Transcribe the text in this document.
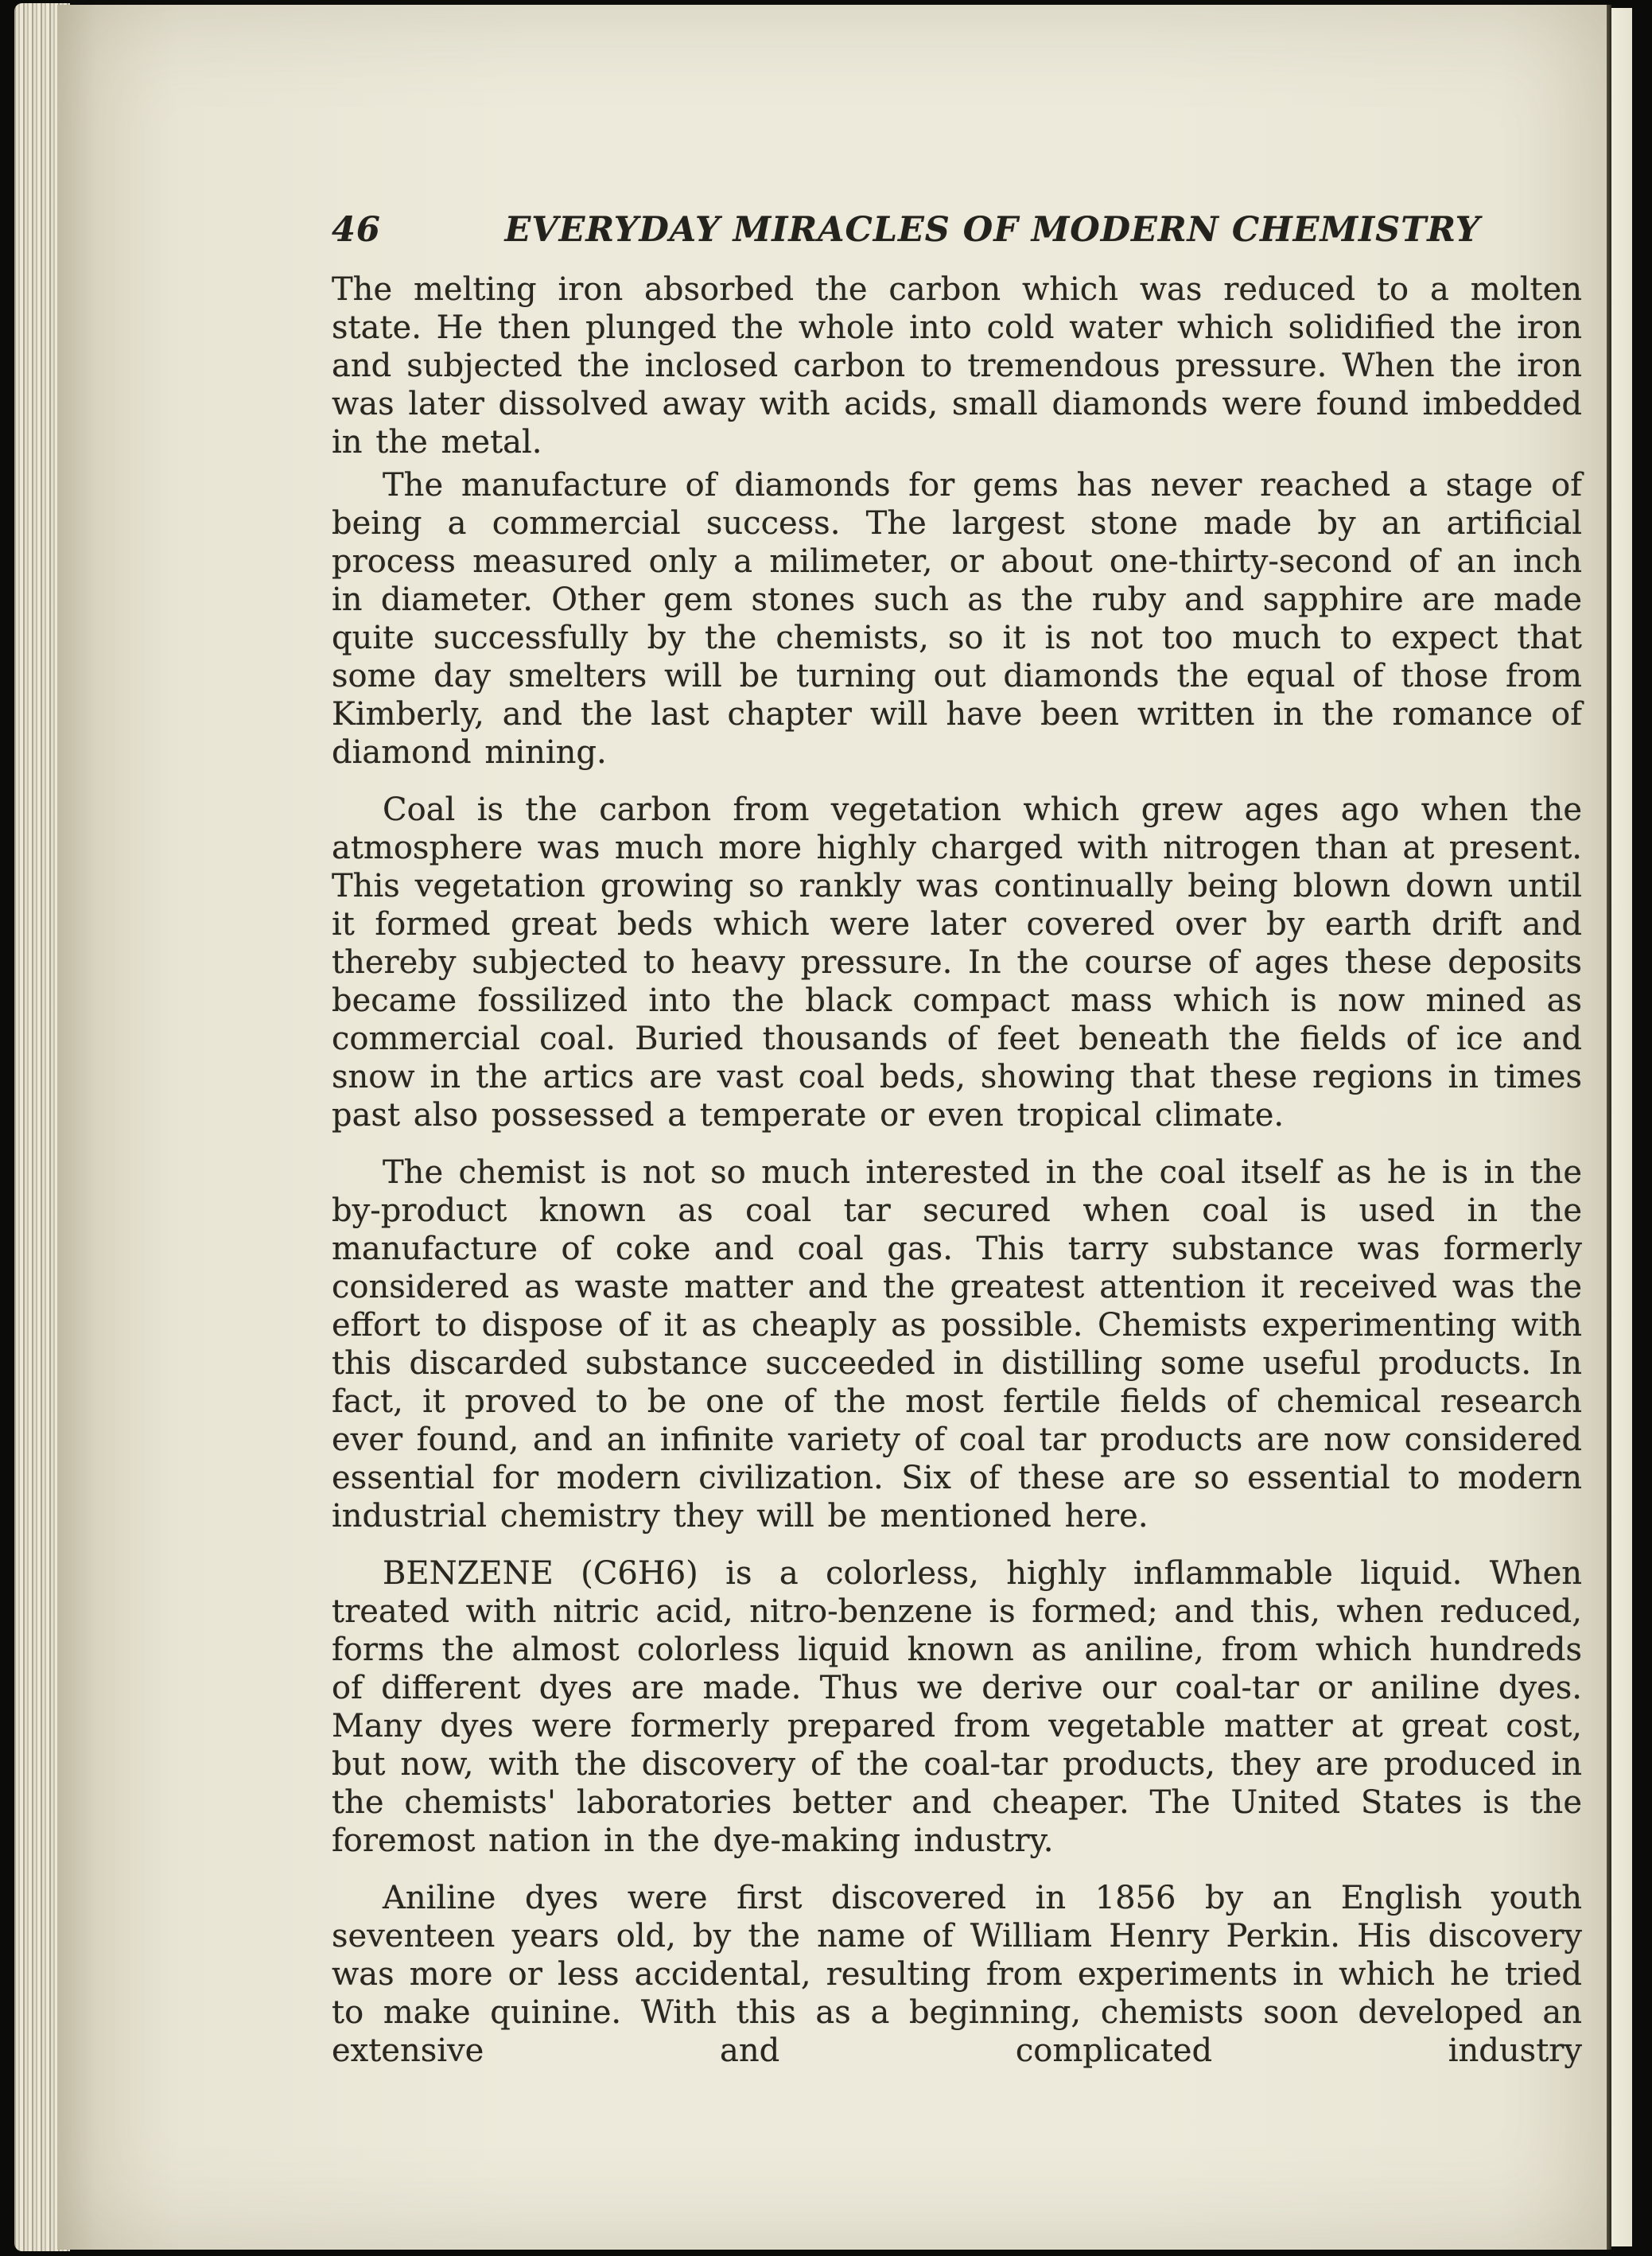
46	EVERYDAY MIRACLES OF MODERN CHEMISTRY

The melting iron absorbed the carbon which was reduced to a molten state. He then plunged the whole into cold water which solidified the iron and subjected the inclosed carbon to tremendous pressure. When the iron was later dissolved away with acids, small diamonds were found imbedded in the metal.

The manufacture of diamonds for gems has never reached a stage of being a commercial success. The largest stone made by an artificial process measured only a milimeter, or about one-thirty-second of an inch in diameter. Other gem stones such as the ruby and sapphire are made quite successfully by the chemists, so it is not too much to expect that some day smelters will be turning out diamonds the equal of those from Kimberly, and the last chapter will have been written in the romance of diamond mining.

Coal is the carbon from vegetation which grew ages ago when the atmosphere was much more highly charged with nitrogen than at present. This vegetation growing so rankly was continually being blown down until it formed great beds which were later covered over by earth drift and thereby subjected to heavy pressure. In the course of ages these deposits became fossilized into the black compact mass which is now mined as commercial coal. Buried thousands of feet beneath the fields of ice and snow in the artics are vast coal beds, showing that these regions in times past also possessed a temperate or even tropical climate.

The chemist is not so much interested in the coal itself as he is in the by-product known as coal tar secured when coal is used in the manufacture of coke and coal gas. This tarry substance was formerly considered as waste matter and the greatest attention it received was the effort to dispose of it as cheaply as possible. Chemists experimenting with this discarded substance succeeded in distilling some useful products. In fact, it proved to be one of the most fertile fields of chemical research ever found, and an infinite variety of coal tar products are now considered essential for modern civilization. Six of these are so essential to modern industrial chemistry they will be mentioned here.

BENZENE (C6H6) is a colorless, highly inflammable liquid. When treated with nitric acid, nitro-benzene is formed; and this, when reduced, forms the almost colorless liquid known as aniline, from which hundreds of different dyes are made. Thus we derive our coal-tar or aniline dyes. Many dyes were formerly prepared from vegetable matter at great cost, but now, with the discovery of the coal-tar products, they are produced in the chemists' laboratories better and cheaper. The United States is the foremost nation in the dye-making industry.

Aniline dyes were first discovered in 1856 by an English youth seventeen years old, by the name of William Henry Perkin. His discovery was more or less accidental, resulting from experiments in which he tried to make quinine. With this as a beginning, chemists soon developed an extensive and complicated industry
